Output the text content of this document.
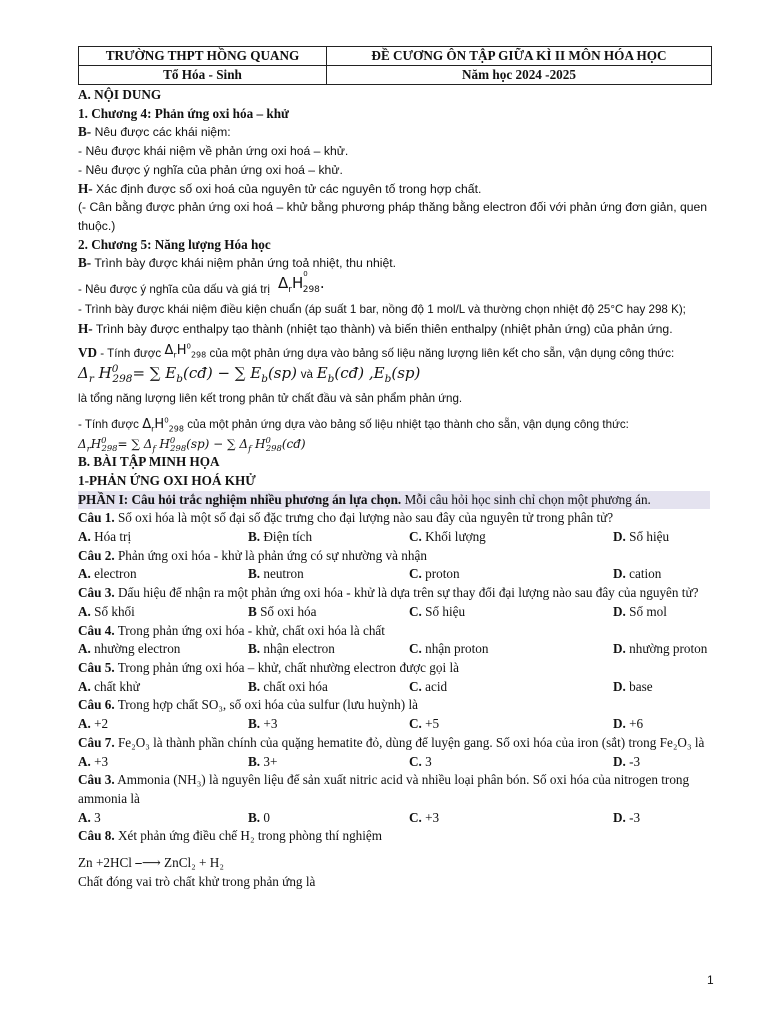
TRƯỜNG THPT HỒNG QUANG	ĐỀ CƯƠNG ÔN TẬP GIỮA KÌ II MÔN HÓA HỌC
Tổ Hóa - Sinh	Năm học 2024 -2025
A. NỘI DUNG
1. Chương 4: Phản ứng oxi hóa – khử
B- Nêu được các khái niệm:
- Nêu được khái niệm về phản ứng oxi hoá – khử.
- Nêu được ý nghĩa của phản ứng oxi hoá – khử.
H- Xác định được số oxi hoá của nguyên tử các nguyên tố trong hợp chất.
(- Cân bằng được phản ứng oxi hoá – khử bằng phương pháp thăng bằng electron đối với phản ứng đơn giản, quen thuộc.)
2. Chương 5: Năng lượng Hóa học
B- Trình bày được khái niệm phản ứng toả nhiệt, thu nhiệt.
- Nêu được ý nghĩa của dấu và giá trị  $\Delta_rH^0_{298}$.
- Trình bày được khái niệm điều kiện chuẩn (áp suất 1 bar, nồng độ 1 mol/L và thường chọn nhiệt độ 25°C hay 298 K);
H- Trình bày được enthalpy tạo thành (nhiệt tạo thành) và biến thiên enthalpy (nhiệt phản ứng) của phản ứng.
VD - Tính được $\Delta_rH^0_{298}$ của một phản ứng dựa vào bảng số liệu năng lượng liên kết cho sẵn, vận dụng công thức:
$\Delta_r$ $H^0_{298}=$ ∑ $E_b(cđ)$ − ∑ $E_b(sp)$ và $E_b(cđ)$ $,E_b(sp)$
là tổng năng lượng liên kết trong phân tử chất đầu và sản phẩm phản ứng.
- Tính được $\Delta_rH^0_{298}$ của một phản ứng dựa vào bảng số liệu nhiệt tạo thành cho sẵn, vận dụng công thức:
$\Delta_rH^0_{298}=$ ∑ $\Delta_f$ $H^0_{298}(sp)$ − ∑ $\Delta_f$ $H^0_{298}(cđ)$
B. BÀI TẬP MINH HỌA
1-PHẢN ỨNG OXI HOÁ KHỬ
PHẦN I: Câu hỏi trắc nghiệm nhiều phương án lựa chọn. Mỗi câu hỏi học sinh chỉ chọn một phương án.
Câu 1. Số oxi hóa là một số đại số đặc trưng cho đại lượng nào sau đây của nguyên tử trong phân tử?
A. Hóa trị	B. Điện tích	C. Khối lượng	D. Số hiệu
Câu 2. Phản ứng oxi hóa - khử là phản ứng có sự nhường và nhận
A. electron	B. neutron	C. proton	D. cation
Câu 3. Dấu hiệu để nhận ra một phản ứng oxi hóa - khử là dựa trên sự thay đổi đại lượng nào sau đây của nguyên tử?
A. Số khối	B Số oxi hóa	C. Số hiệu	D. Số mol
Câu 4. Trong phản ứng oxi hóa - khử, chất oxi hóa là chất
A. nhường electron	B. nhận electron	C. nhận proton	D. nhường proton
Câu 5. Trong phản ứng oxi hóa – khử, chất nhường electron được gọi là
A. chất khử	B. chất oxi hóa	C. acid	D. base
Câu 6. Trong hợp chất SO₃, số oxi hóa của sulfur (lưu huỳnh) là
A. +2	B. +3	C. +5	D. +6
Câu 7. Fe₂O₃ là thành phần chính của quặng hematite đỏ, dùng để luyện gang. Số oxi hóa của iron (sắt) trong Fe₂O₃ là
A. +3	B. 3+	C. 3	D. -3
Câu 3. Ammonia (NH₃) là nguyên liệu để sản xuất nitric acid và nhiều loại phân bón. Số oxi hóa của nitrogen trong ammonia là
A. 3	B. 0	C. +3	D. -3
Câu 8. Xét phản ứng điều chế H₂ trong phòng thí nghiệm
Zn +2HCl ⎯⟶ ZnCl₂ + H₂
Chất đóng vai trò chất khử trong phản ứng là
1
